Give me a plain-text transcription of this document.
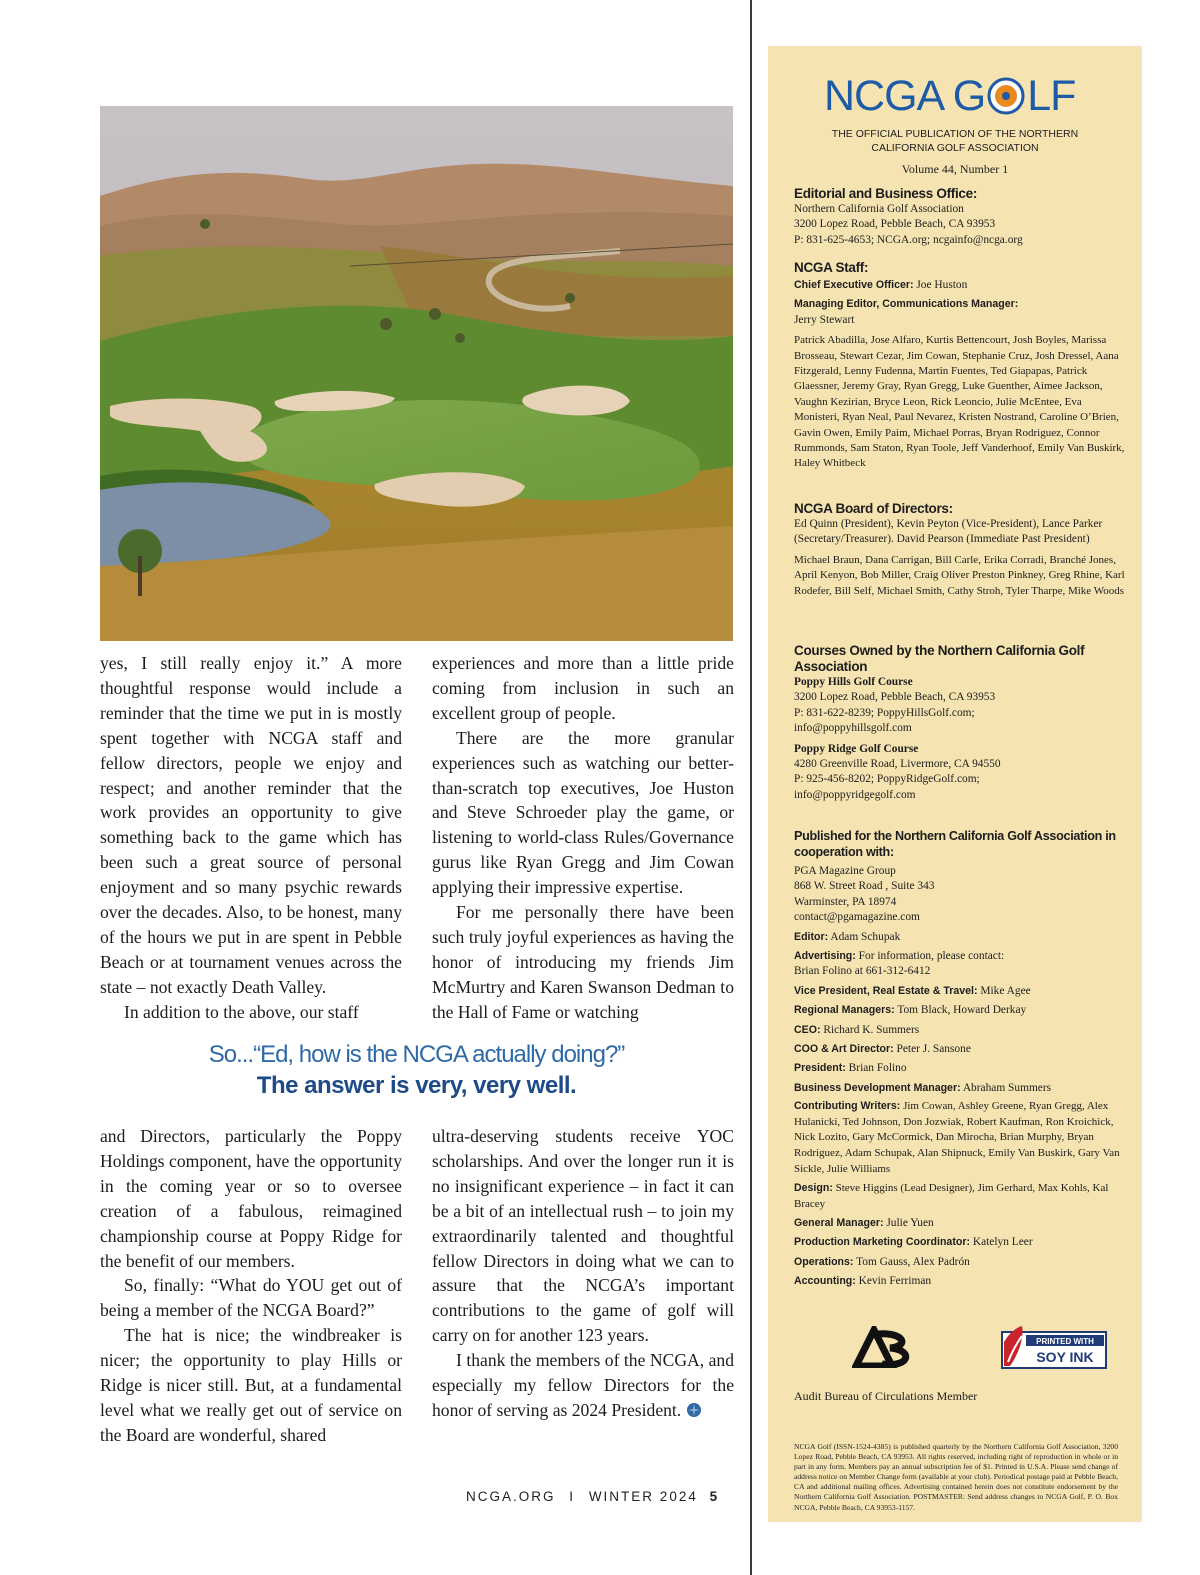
yes, I still really enjoy it.” A more thoughtful response would include a reminder that the time we put in is mostly spent together with NCGA staff and fellow directors, people we enjoy and respect; and another reminder that the work provides an opportunity to give something back to the game which has been such a great source of personal enjoyment and so many psychic rewards over the decades. Also, to be honest, many of the hours we put in are spent in Pebble Beach or at tournament venues across the state – not exactly Death Valley.

In addition to the above, our staff

experiences and more than a little pride coming from inclusion in such an excellent group of people.

There are the more granular experiences such as watching our better-than-scratch top executives, Joe Huston and Steve Schroeder play the game, or listening to world-class Rules/Governance gurus like Ryan Gregg and Jim Cowan applying their impressive expertise.

For me personally there have been such truly joyful experiences as having the honor of introducing my friends Jim McMurtry and Karen Swanson Dedman to the Hall of Fame or watching

So...“Ed, how is the NCGA actually doing?”
The answer is very, very well.

and Directors, particularly the Poppy Holdings component, have the opportunity in the coming year or so to oversee creation of a fabulous, reimagined championship course at Poppy Ridge for the benefit of our members.

So, finally: “What do YOU get out of being a member of the NCGA Board?”

The hat is nice; the windbreaker is nicer; the opportunity to play Hills or Ridge is nicer still. But, at a fundamental level what we really get out of service on the Board are wonderful, shared

ultra-deserving students receive YOC scholarships. And over the longer run it is no insignificant experience – in fact it can be a bit of an intellectual rush – to join my extraordinarily talented and thoughtful fellow Directors in doing what we can to assure that the NCGA’s important contributions to the game of golf will carry on for another 123 years.

I thank the members of the NCGA, and especially my fellow Directors for the honor of serving as 2024 President.

NCGA.ORG I WINTER 2024 5
NCGA G LF
THE OFFICIAL PUBLICATION OF THE NORTHERN
CALIFORNIA GOLF ASSOCIATION
Volume 44, Number 1
Editorial and Business Office:
Northern California Golf Association
3200 Lopez Road, Pebble Beach, CA 93953
P: 831-625-4653; NCGA.org; ncgainfo@ncga.org
NCGA Staff:
Chief Executive Officer: Joe Huston
Managing Editor, Communications Manager:
Jerry Stewart
Patrick Abadilla, Jose Alfaro, Kurtis Bettencourt, Josh Boyles, Marissa Brosseau, Stewart Cezar, Jim Cowan, Stephanie Cruz, Josh Dressel, Aana Fitzgerald, Lenny Fudenna, Martin Fuentes, Ted Giapapas, Patrick Glaessner, Jeremy Gray, Ryan Gregg, Luke Guenther, Aimee Jackson, Vaughn Kezirian, Bryce Leon, Rick Leoncio, Julie McEntee, Eva Monisteri, Ryan Neal, Paul Nevarez, Kristen Nostrand, Caroline O’Brien, Gavin Owen, Emily Paim, Michael Porras, Bryan Rodriguez, Connor Rummonds, Sam Staton, Ryan Toole, Jeff Vanderhoof, Emily Van Buskirk, Haley Whitbeck
NCGA Board of Directors:
Ed Quinn (President), Kevin Peyton (Vice-President), Lance Parker (Secretary/Treasurer). David Pearson (Immediate Past President)
Michael Braun, Dana Carrigan, Bill Carle, Erika Corradi, Branché Jones, April Kenyon, Bob Miller, Craig Oliver Preston Pinkney, Greg Rhine, Karl Rodefer, Bill Self, Michael Smith, Cathy Stroh, Tyler Tharpe, Mike Woods
Courses Owned by the Northern California Golf Association
Poppy Hills Golf Course
3200 Lopez Road, Pebble Beach, CA 93953
P: 831-622-8239; PoppyHillsGolf.com;
info@poppyhillsgolf.com
Poppy Ridge Golf Course
4280 Greenville Road, Livermore, CA 94550
P: 925-456-8202; PoppyRidgeGolf.com;
info@poppyridgegolf.com
Published for the Northern California Golf Association in cooperation with:
PGA Magazine Group
868 W. Street Road , Suite 343
Warminster, PA 18974
contact@pgamagazine.com
Editor: Adam Schupak
Advertising: For information, please contact:
Brian Folino at 661-312-6412
Vice President, Real Estate & Travel: Mike Agee
Regional Managers: Tom Black, Howard Derkay
CEO: Richard K. Summers
COO & Art Director: Peter J. Sansone
President: Brian Folino
Business Development Manager: Abraham Summers
Contributing Writers: Jim Cowan, Ashley Greene, Ryan Gregg, Alex Hulanicki, Ted Johnson, Don Jozwiak, Robert Kaufman, Ron Kroichick, Nick Lozito, Gary McCormick, Dan Mirocha, Brian Murphy, Bryan Rodriguez, Adam Schupak, Alan Shipnuck, Emily Van Buskirk, Gary Van Sickle, Julie Williams
Design: Steve Higgins (Lead Designer), Jim Gerhard, Max Kohls, Kal Bracey
General Manager: Julie Yuen
Production Marketing Coordinator: Katelyn Leer
Operations: Tom Gauss, Alex Padrón
Accounting: Kevin Ferriman
PRINTED WITH
SOY INK
Audit Bureau of Circulations Member
NCGA Golf (ISSN-1524-4385) is published quarterly by the Northern California Golf Association, 3200 Lopez Road, Pebble Beach, CA 93953. All rights reserved, including right of reproduction in whole or in part in any form. Members pay an annual subscription fee of $1. Printed in U.S.A. Please send change of address notice on Member Change form (available at your club). Periodical postage paid at Pebble Beach, CA and additional mailing offices. Advertising contained herein does not constitute endorsement by the Northern California Golf Association. POSTMASTER: Send address changes to NCGA Golf, P. O. Box NCGA, Pebble Beach, CA 93953-1157.
